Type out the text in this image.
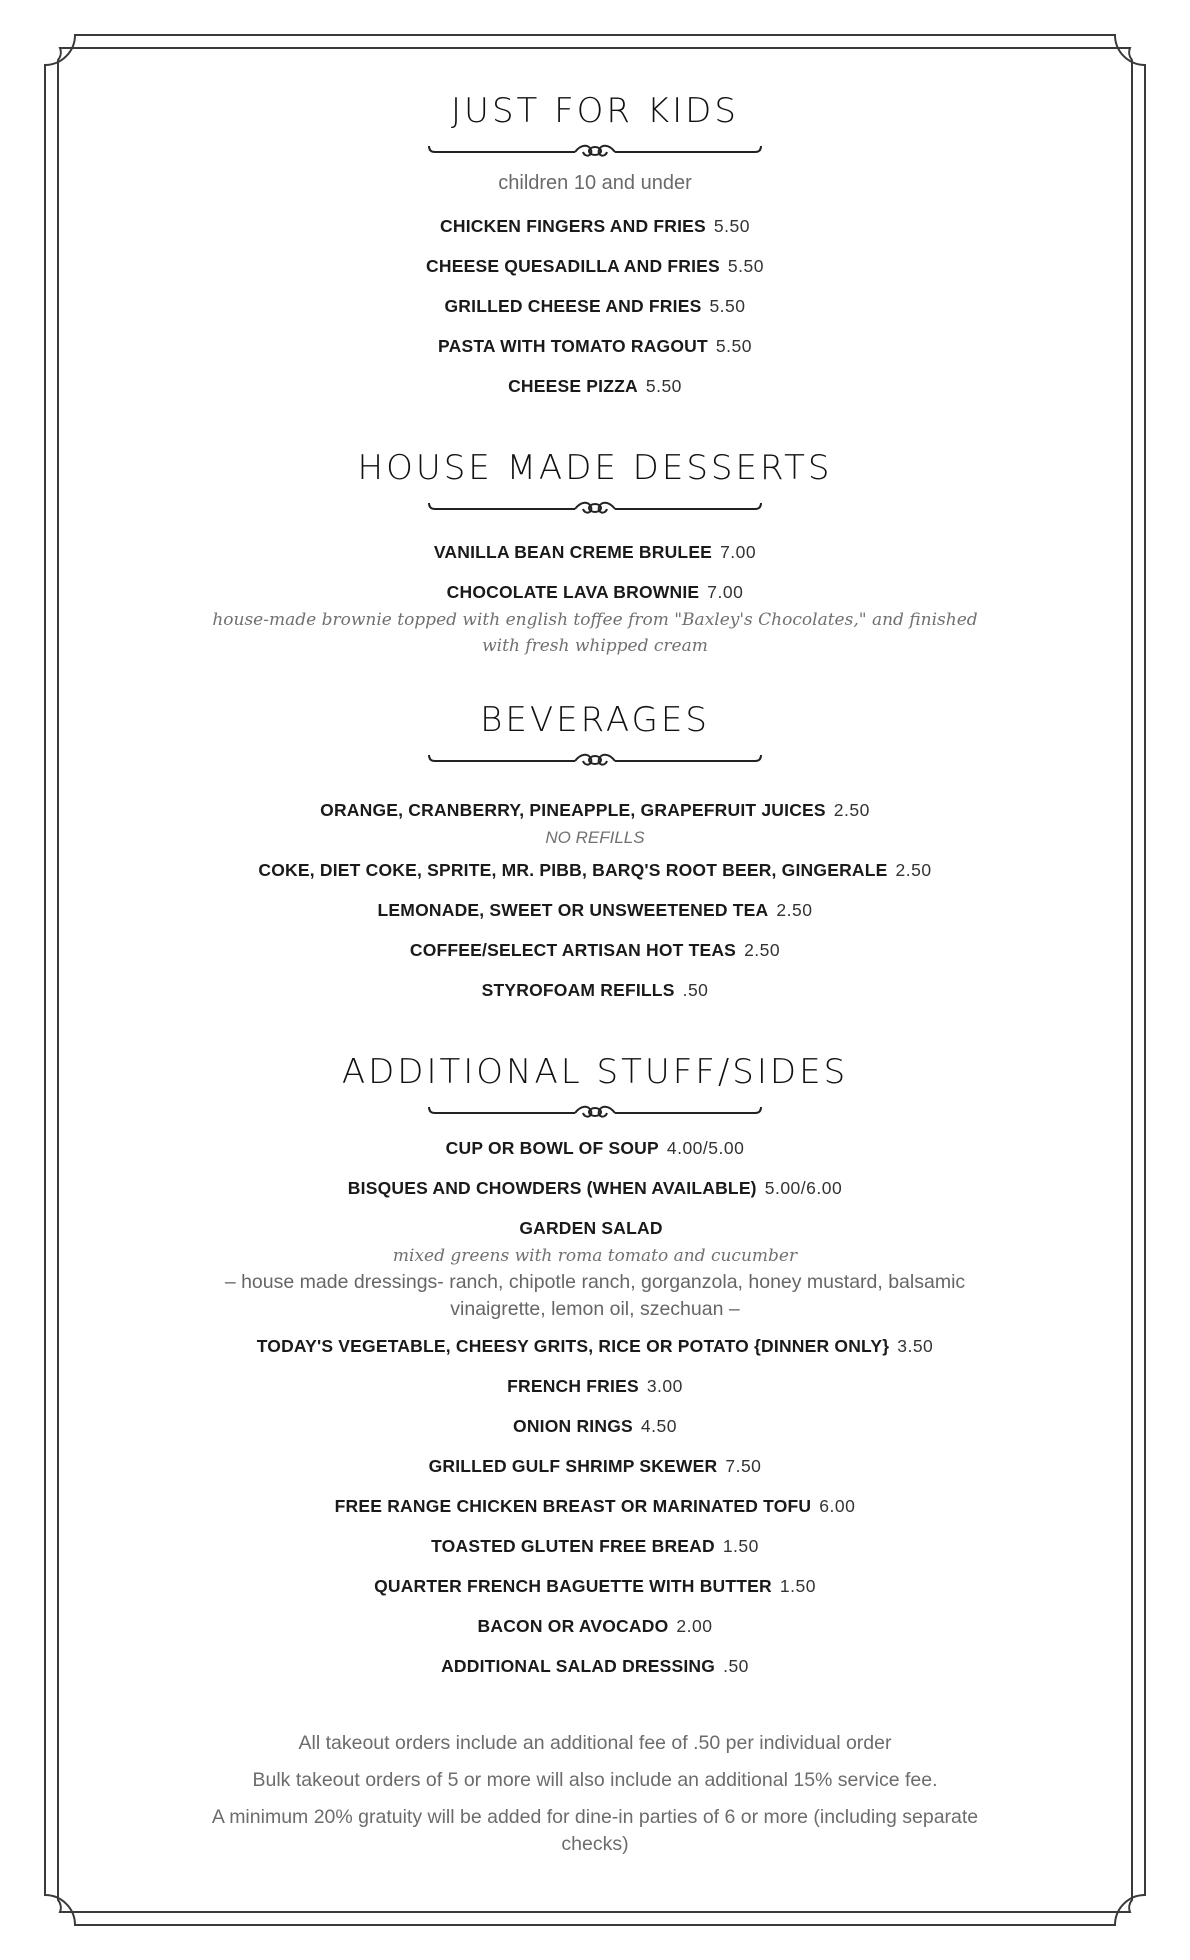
JUST FOR KIDS

children 10 and under

CHICKEN FINGERS AND FRIES 5.50
CHEESE QUESADILLA AND FRIES 5.50
GRILLED CHEESE AND FRIES 5.50
PASTA WITH TOMATO RAGOUT 5.50
CHEESE PIZZA 5.50
HOUSE MADE DESSERTS
VANILLA BEAN CREME BRULEE 7.00
CHOCOLATE LAVA BROWNIE 7.00

house-made brownie topped with english toffee from "Baxley's Chocolates," and finished with fresh whipped cream

BEVERAGES
ORANGE, CRANBERRY, PINEAPPLE, GRAPEFRUIT JUICES 2.50

NO REFILLS

COKE, DIET COKE, SPRITE, MR. PIBB, BARQ'S ROOT BEER, GINGERALE 2.50
LEMONADE, SWEET OR UNSWEETENED TEA 2.50
COFFEE/SELECT ARTISAN HOT TEAS 2.50
STYROFOAM REFILLS .50
ADDITIONAL STUFF/SIDES
CUP OR BOWL OF SOUP 4.00/5.00
BISQUES AND CHOWDERS (WHEN AVAILABLE) 5.00/6.00
GARDEN SALAD

mixed greens with roma tomato and cucumber

– house made dressings- ranch, chipotle ranch, gorganzola, honey mustard, balsamic vinaigrette, lemon oil, szechuan –

TODAY'S VEGETABLE, CHEESY GRITS, RICE OR POTATO {DINNER ONLY} 3.50
FRENCH FRIES 3.00
ONION RINGS 4.50
GRILLED GULF SHRIMP SKEWER 7.50
FREE RANGE CHICKEN BREAST OR MARINATED TOFU 6.00
TOASTED GLUTEN FREE BREAD 1.50
QUARTER FRENCH BAGUETTE WITH BUTTER 1.50
BACON OR AVOCADO 2.00
ADDITIONAL SALAD DRESSING .50
All takeout orders include an additional fee of .50 per individual order
Bulk takeout orders of 5 or more will also include an additional 15% service fee.
A minimum 20% gratuity will be added for dine-in parties of 6 or more (including separate checks)
